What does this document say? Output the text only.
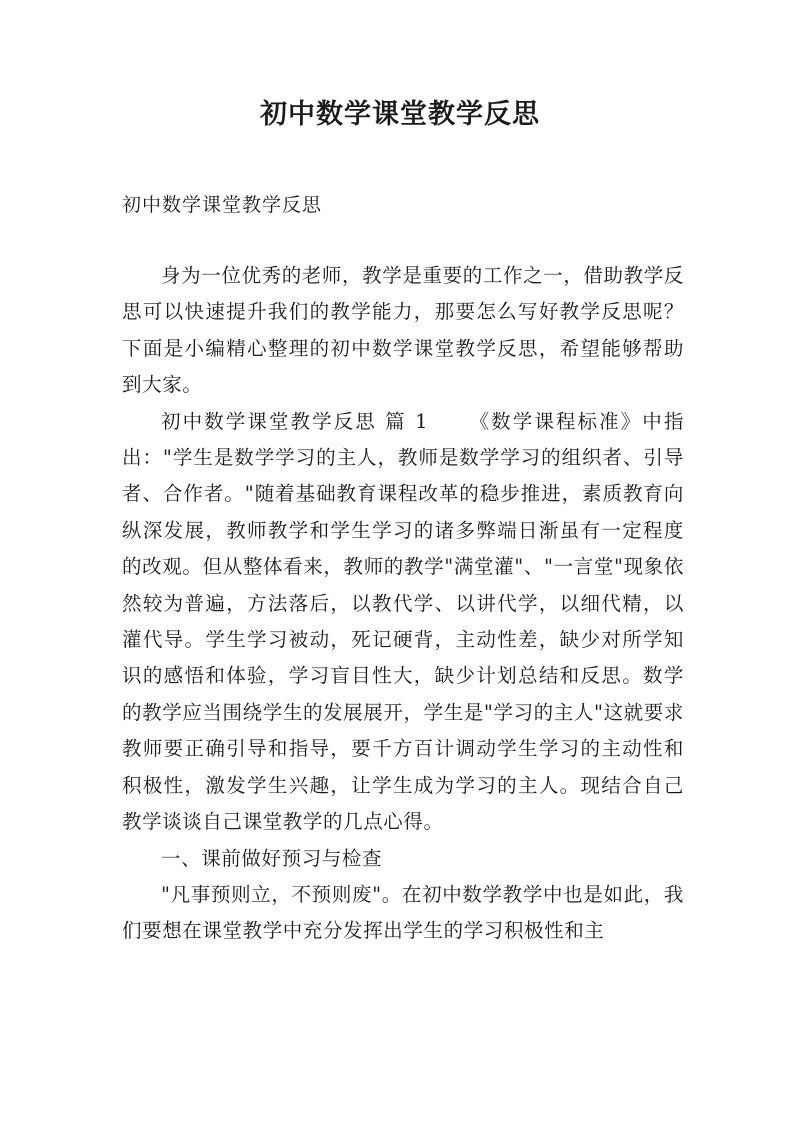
初中数学课堂教学反思
初中数学课堂教学反思

身为一位优秀的老师，教学是重要的工作之一，借助教学反思可以快速提升我们的教学能力，那要怎么写好教学反思呢？下面是小编精心整理的初中数学课堂教学反思，希望能够帮助到大家。

初中数学课堂教学反思 篇 1 《数学课程标准》中指出："学生是数学学习的主人，教师是数学学习的组织者、引导者、合作者。"随着基础教育课程改革的稳步推进，素质教育向纵深发展，教师教学和学生学习的诸多弊端日渐虽有一定程度的改观。但从整体看来，教师的教学"满堂灌"、"一言堂"现象依然较为普遍，方法落后，以教代学、以讲代学，以细代精，以灌代导。学生学习被动，死记硬背，主动性差，缺少对所学知识的感悟和体验，学习盲目性大，缺少计划总结和反思。数学的教学应当围绕学生的发展展开，学生是"学习的主人"这就要求教师要正确引导和指导，要千方百计调动学生学习的主动性和积极性，激发学生兴趣，让学生成为学习的主人。现结合自己教学谈谈自己课堂教学的几点心得。

一、课前做好预习与检查

"凡事预则立，不预则废"。在初中数学教学中也是如此，我们要想在课堂教学中充分发挥出学生的学习积极性和主
